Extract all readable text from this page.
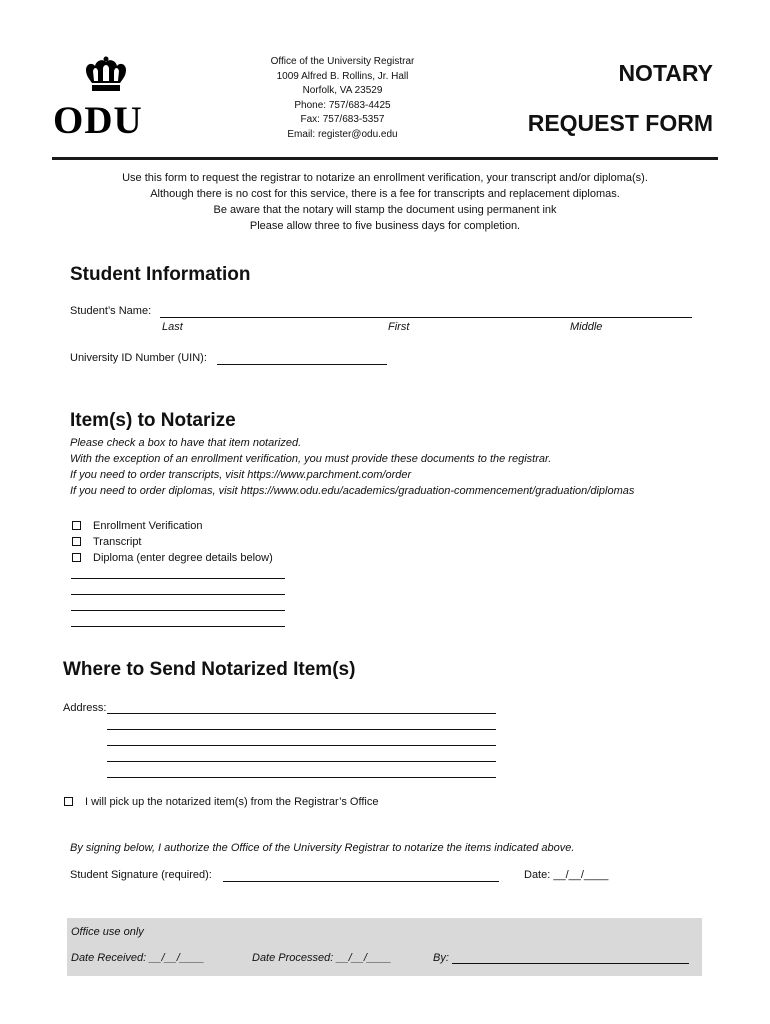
ODU
Office of the University Registrar
1009 Alfred B. Rollins, Jr. Hall
Norfolk, VA 23529
Phone: 757/683-4425
Fax: 757/683-5357
Email: register@odu.edu
NOTARY
REQUEST FORM
Use this form to request the registrar to notarize an enrollment verification, your transcript and/or diploma(s).
Although there is no cost for this service, there is a fee for transcripts and replacement diplomas.
Be aware that the notary will stamp the document using permanent ink
Please allow three to five business days for completion.
Student Information
Student’s Name:
Last	First	Middle
University ID Number (UIN):
Item(s) to Notarize
Please check a box to have that item notarized.
With the exception of an enrollment verification, you must provide these documents to the registrar.
If you need to order transcripts, visit https://www.parchment.com/order
If you need to order diplomas, visit https://www.odu.edu/academics/graduation-commencement/graduation/diplomas
Enrollment Verification
Transcript
Diploma (enter degree details below)
Where to Send Notarized Item(s)
Address:
I will pick up the notarized item(s) from the Registrar’s Office
By signing below, I authorize the Office of the University Registrar to notarize the items indicated above.
Student Signature (required):	Date: __/__/____
Office use only
Date Received: __/__/____	Date Processed: __/__/____	By:
